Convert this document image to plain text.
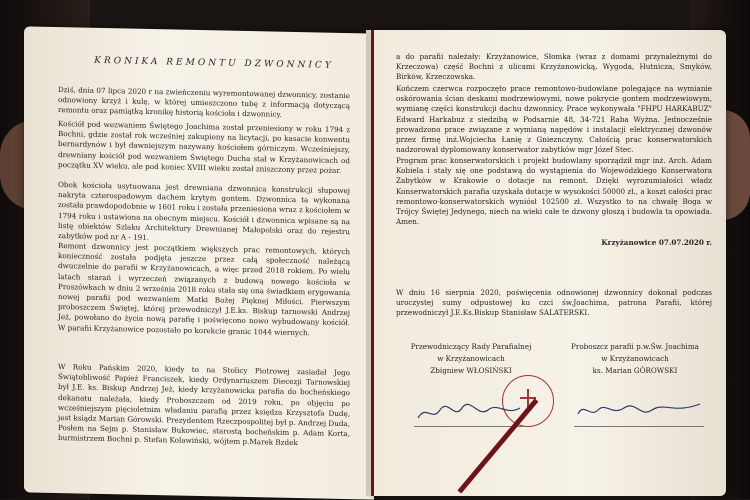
KRONIKA REMONTU DZWONNICY
Dziś, dnia 07 lipca 2020 r na zwieńczeniu wyremontowanej dzwonnicy, zostanie odnowiony krzyż i kulę, w której umieszczono tubę z informacją dotyczącą remontu oraz pamiątką kronikę historią kościoła i dzwonnicy.
Kościół pod wezwaniem Świętego Joachima został przeniesiony w roku 1794 z Bochni, gdzie został rok wcześniej zakupiony na licytacji, po kasacie konwentu bernardynów i był dawniejszym nazywany kościołem górniczym. Wcześniejszy, drewniany kościół pod wezwaniem Świętego Ducha stał w Krzyżanowicach od początku XV wieku, ale pod koniec XVIII wieku został zniszczony przez pożar.
Obok kościoła usytuowana jest drewniana dzwonnica konstrukcji słupowej nakryta czterospadowym dachem krytym gontem. Dzwonnica ta wykonana została prawdopodobnie w 1601 roku i została przeniesiona wraz z kościołem w 1794 roku i ustawiona na obecnym miejscu. Kościół i dzwonnica wpisane są na listę obiektów Szlaku Architektury Drewnianej Małopolski oraz do rejestru zabytków pod nr A - 191.
Remont dzwonnicy jest początkiem większych prac remontowych, których konieczność została podjęta jeszcze przez całą społeczność należącą dwuczelnie do parafii w Krzyżanowicach, a więc przed 2018 rokiem. Po wielu latach starań i wyrzeczeń związanych z budową nowego kościoła w Proszówkach w dniu 2 września 2018 roku stała się ona świadkiem erygowania nowej parafii pod wezwaniem Matki Bożej Pięknej Miłości. Pierwszym proboszczem Świętej, której przewodniczył J.E.ks. Biskup tarnowski Andrzej Jeż, powołano do życia nową parafię i poświęcono nowo wybudowany kościół. W parafii Krzyżanowice pozostało po korekcie granic 1044 wiernych.
W Roku Pańskim 2020, kiedy to na Stolicy Piotrowej zasiadał Jego Świątobliwość Papież Franciszek, kiedy Ordynariuszem Diecezji Tarnowskiej był J.E. ks. Biskup Andrzej Jeż, kiedy krzyżanowicka parafia do bocheńskiego dekanatu należała, kiedy Proboszczem od 2019 roku, po objęciu po wcześniejszym pięcioletnim władaniu parafią przez księdza Krzysztofa Dudę, jest ksiądz Marian Górowski. Prezydentem Rzeczpospolitej był p. Andrzej Duda, Posłem na Sejm p. Stanisław Bukowiec, starostą bocheńskim p. Adam Korta, burmistrzem Bochni p. Stefan Kolawiński, wójtem p.Marek Bzdek
a do parafii należały: Krzyżanowice, Słomka (wraz z domami przynależnymi do Krzeczowa) część Bochni z ulicami Krzyżanowicką, Wygoda, Hutnicza, Smyków, Birków, Krzeczowska.
Kończem czerwca rozpoczęto prace remontowo-budowlane polegające na wymianie oskórowania ścian deskami modrzewiowymi, nowe pokrycie gontem modrzewiowym, wymianę części konstrukcji dachu dzwonnicy. Prace wykonywała "FHPU HARKABUZ" Edward Harkabuz z siedzibą w Podsarnie 48, 34-721 Raba Wyżna. Jednocześnie prowadzono prace związane z wymianą napędów i instalacji elektrycznej dzwonów przez firmę inż.Wojciecha Łanię z Gnieznczyny. Całością prac konserwatorskich nadzorował dyplomowany konserwator zabytków mgr Józef Stec.
Program prac konserwatorskich i projekt budowlany sporządził mgr inż. Arch. Adam Kobiela i stały się one podstawą do wystąpienia do Wojewódzkiego Konserwatora Zabytków w Krakowie o dotacje na remont. Dzięki wyrozumiałości władz Konserwatorskich parafia uzyskała dotacje w wysokości 50000 zł., a koszt całości prac remontowo-konserwatorskich wyniósł 102500 zł. Wszystko to na chwałę Boga w Trójcy Świętej Jedynego, niech na wieki całe te dzwony głoszą i budowla ta opowiada. Amen.
Krzyżanowice 07.07.2020 r.
W dniu 16 sierpnia 2020, poświęcenia odnowionej dzwonnicy dokonał podczas uroczystej sumy odpustowej ku czci św.Joachima, patrona Parafii, której przewodniczył J.E.Ks.Biskup Stanisław SALATERSKI.
Przewodniczący Rady Parafialnej
w Krzyżanowicach
Zbigniew WŁOSIŃSKI
Proboszcz parafii p.w.Św. Joachima
w Krzyżanowicach
ks. Marian GÓROWSKI
